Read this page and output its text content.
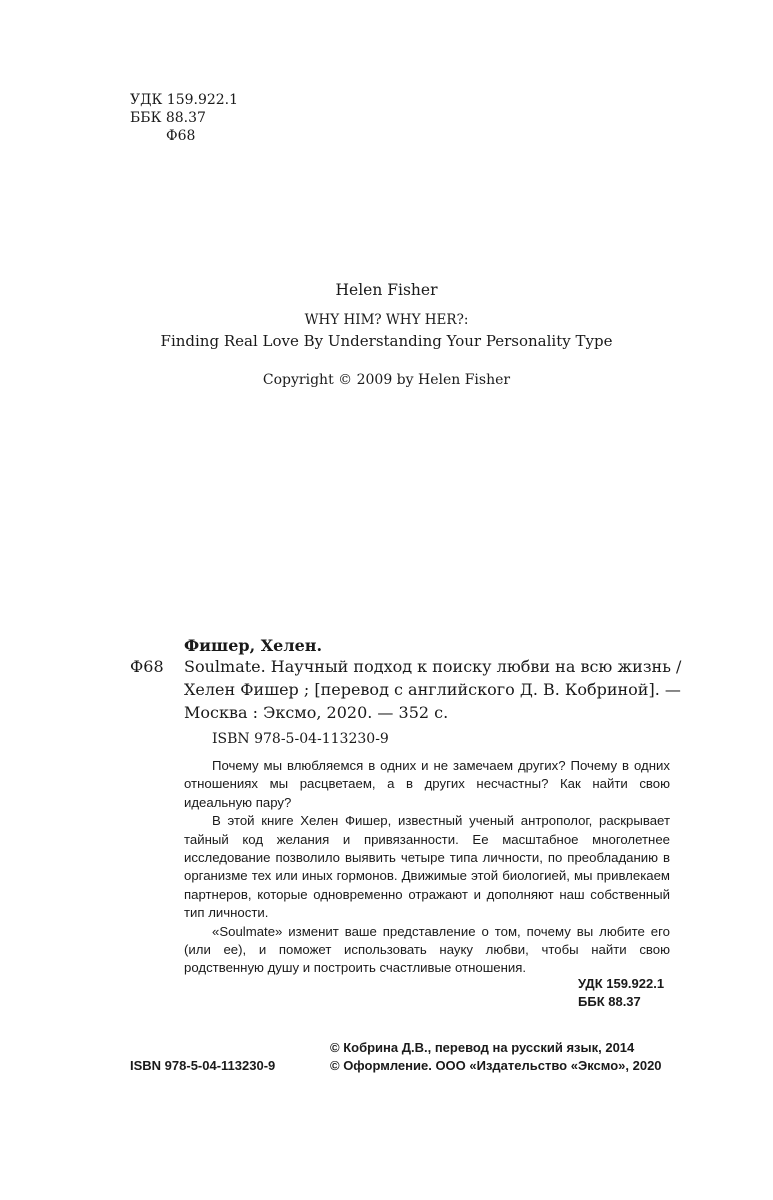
УДК 159.922.1
ББК 88.37
Ф68
Helen Fisher
WHY HIM? WHY HER?:
Finding Real Love By Understanding Your Personality Type
Copyright © 2009 by Helen Fisher
Фишер, Хелен.
Ф68 Soulmate. Научный подход к поиску любви на всю жизнь /
Хелен Фишер ; [перевод с английского Д. В. Кобриной]. —
Москва : Эксмо, 2020. — 352 с.
ISBN 978-5-04-113230-9

Почему мы влюбляемся в одних и не замечаем других? Почему в одних отношениях мы расцветаем, а в других несчастны? Как найти свою идеальную пару?

В этой книге Хелен Фишер, известный ученый антрополог, раскрывает тайный код желания и привязанности. Ее масштабное многолетнее исследование позволило выявить четыре типа личности, по преобладанию в организме тех или иных гормонов. Движимые этой биологией, мы привлекаем партнеров, которые одновременно отражают и дополняют наш собственный тип личности.

«Soulmate» изменит ваше представление о том, почему вы любите его (или ее), и поможет использовать науку любви, чтобы найти свою родственную душу и построить счастливые отношения.

УДК 159.922.1
ББК 88.37
ISBN 978-5-04-113230-9
© Кобрина Д.В., перевод на русский язык, 2014
© Оформление. ООО «Издательство «Эксмо», 2020
